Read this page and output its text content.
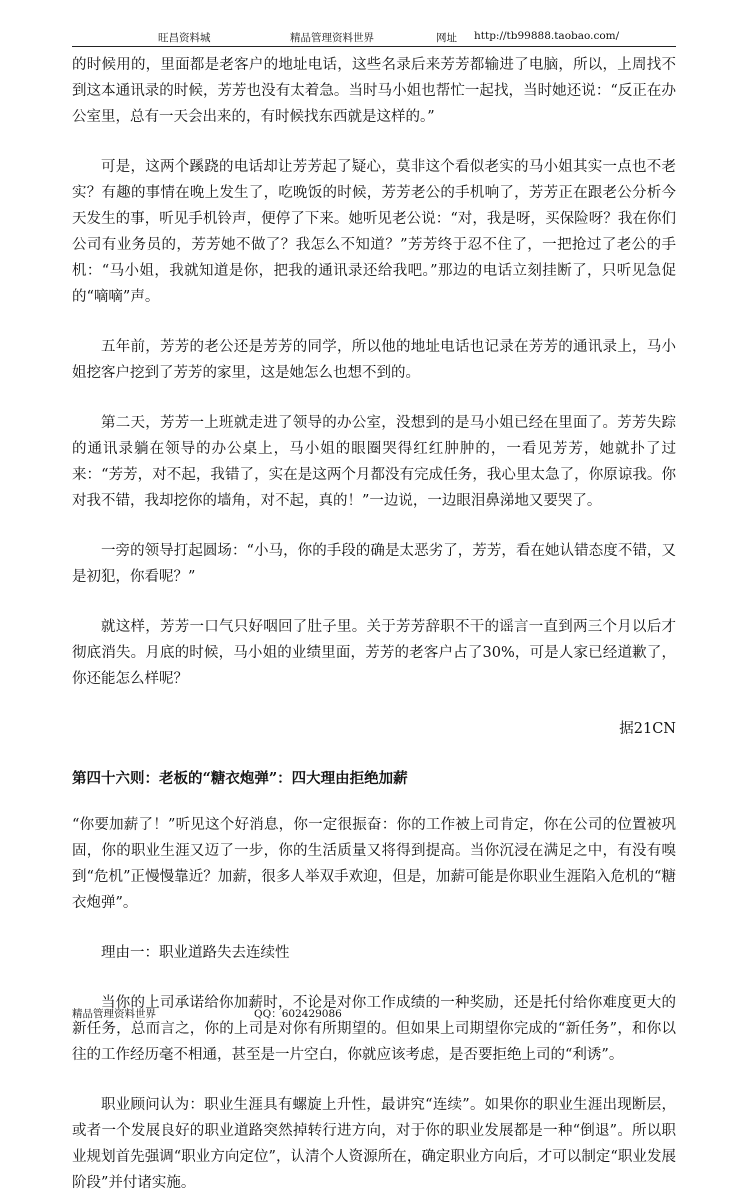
旺昌资料城	精品管理资料世界	网址 http://tb99888.taobao.com/

的时候用的，里面都是老客户的地址电话，这些名录后来芳芳都输进了电脑，所以，上周找不到这本通讯录的时候，芳芳也没有太着急。当时马小姐也帮忙一起找，当时她还说：“反正在办公室里，总有一天会出来的，有时候找东西就是这样的。”

可是，这两个蹊跷的电话却让芳芳起了疑心，莫非这个看似老实的马小姐其实一点也不老实？有趣的事情在晚上发生了，吃晚饭的时候，芳芳老公的手机响了，芳芳正在跟老公分析今天发生的事，听见手机铃声，便停了下来。她听见老公说：“对，我是呀，买保险呀？我在你们公司有业务员的，芳芳她不做了？我怎么不知道？”芳芳终于忍不住了，一把抢过了老公的手机：“马小姐，我就知道是你，把我的通讯录还给我吧。”那边的电话立刻挂断了，只听见急促的“嘀嘀”声。

五年前，芳芳的老公还是芳芳的同学，所以他的地址电话也记录在芳芳的通讯录上，马小姐挖客户挖到了芳芳的家里，这是她怎么也想不到的。

第二天，芳芳一上班就走进了领导的办公室，没想到的是马小姐已经在里面了。芳芳失踪的通讯录躺在领导的办公桌上，马小姐的眼圈哭得红红肿肿的，一看见芳芳，她就扑了过来：“芳芳，对不起，我错了，实在是这两个月都没有完成任务，我心里太急了，你原谅我。你对我不错，我却挖你的墙角，对不起，真的！”一边说，一边眼泪鼻涕地又要哭了。

一旁的领导打起圆场：“小马，你的手段的确是太恶劣了，芳芳，看在她认错态度不错，又是初犯，你看呢？”

就这样，芳芳一口气只好咽回了肚子里。关于芳芳辞职不干的谣言一直到两三个月以后才彻底消失。月底的时候，马小姐的业绩里面，芳芳的老客户占了30%，可是人家已经道歉了，你还能怎么样呢？

据21CN
第四十六则：老板的“糖衣炮弹”：四大理由拒绝加薪

“你要加薪了！”听见这个好消息，你一定很振奋：你的工作被上司肯定，你在公司的位置被巩固，你的职业生涯又迈了一步，你的生活质量又将得到提高。当你沉浸在满足之中，有没有嗅到“危机”正慢慢靠近？加薪，很多人举双手欢迎，但是，加薪可能是你职业生涯陷入危机的“糖衣炮弹”。

理由一：职业道路失去连续性

当你的上司承诺给你加薪时，不论是对你工作成绩的一种奖励，还是托付给你难度更大的新任务，总而言之，你的上司是对你有所期望的。但如果上司期望你完成的“新任务”，和你以往的工作经历毫不相通，甚至是一片空白，你就应该考虑，是否要拒绝上司的“利诱”。

职业顾问认为：职业生涯具有螺旋上升性，最讲究“连续”。如果你的职业生涯出现断层，或者一个发展良好的职业道路突然掉转行进方向，对于你的职业发展都是一种“倒退”。所以职业规划首先强调“职业方向定位”，认清个人资源所在，确定职业方向后，才可以制定“职业发展阶段”并付诸实施。

精品管理资料世界	QQ：602429086
